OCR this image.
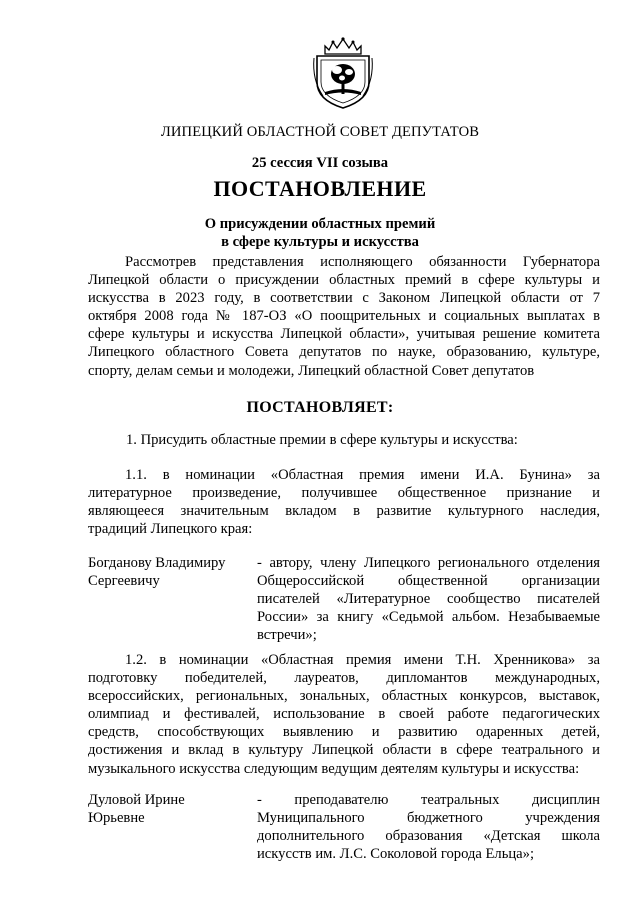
ЛИПЕЦКИЙ ОБЛАСТНОЙ СОВЕТ ДЕПУТАТОВ
25 сессия VII созыва
ПОСТАНОВЛЕНИЕ
О присуждении областных премий
в сфере культуры и искусства
Рассмотрев представления исполняющего обязанности Губернатора
Липецкой области о присуждении областных премий в сфере культуры и
искусства в 2023 году, в соответствии с Законом Липецкой области от 7
октября 2008 года № 187-ОЗ «О поощрительных и социальных выплатах в
сфере культуры и искусства Липецкой области», учитывая решение комитета
Липецкого областного Совета депутатов по науке, образованию, культуре,
спорту, делам семьи и молодежи, Липецкий областной Совет депутатов
ПОСТАНОВЛЯЕТ:
1. Присудить областные премии в сфере культуры и искусства:
1.1. в номинации «Областная премия имени И.А. Бунина» за
литературное произведение, получившее общественное признание и
являющееся значительным вкладом в развитие культурного наследия,
традиций Липецкого края:
Богданову Владимиру
Сергеевичу
- автору, члену Липецкого регионального отделения
Общероссийской общественной организации
писателей «Литературное сообщество писателей
России» за книгу «Седьмой альбом. Незабываемые
встречи»;
1.2. в номинации «Областная премия имени Т.Н. Хренникова» за
подготовку победителей, лауреатов, дипломантов международных,
всероссийских, региональных, зональных, областных конкурсов, выставок,
олимпиад и фестивалей, использование в своей работе педагогических
средств, способствующих выявлению и развитию одаренных детей,
достижения и вклад в культуру Липецкой области в сфере театрального и
музыкального искусства следующим ведущим деятелям культуры и искусства:
Дуловой Ирине
Юрьевне
- преподавателю театральных дисциплин
Муниципального бюджетного учреждения
дополнительного образования «Детская школа
искусств им. Л.С. Соколовой города Ельца»;
